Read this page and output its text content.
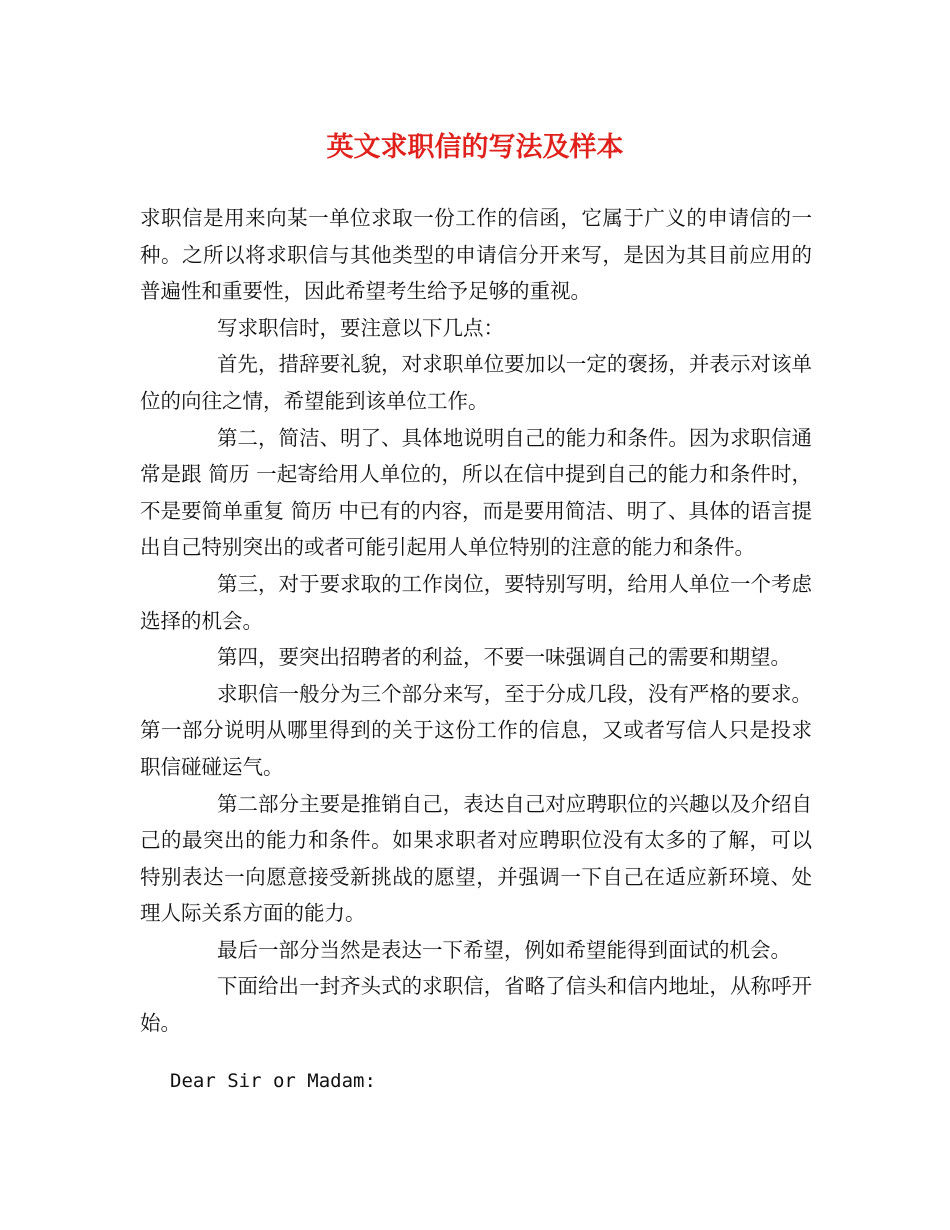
英文求职信的写法及样本

求职信是用来向某一单位求取一份工作的信函，它属于广义的申请信的一种。之所以将求职信与其他类型的申请信分开来写，是因为其目前应用的普遍性和重要性，因此希望考生给予足够的重视。

写求职信时，要注意以下几点：

首先，措辞要礼貌，对求职单位要加以一定的褒扬，并表示对该单位的向往之情，希望能到该单位工作。

第二，简洁、明了、具体地说明自己的能力和条件。因为求职信通常是跟 简历 一起寄给用人单位的，所以在信中提到自己的能力和条件时，不是要简单重复 简历 中已有的内容，而是要用简洁、明了、具体的语言提出自己特别突出的或者可能引起用人单位特别的注意的能力和条件。

第三，对于要求取的工作岗位，要特别写明，给用人单位一个考虑选择的机会。

第四，要突出招聘者的利益，不要一味强调自己的需要和期望。

求职信一般分为三个部分来写，至于分成几段，没有严格的要求。第一部分说明从哪里得到的关于这份工作的信息，又或者写信人只是投求职信碰碰运气。

第二部分主要是推销自己，表达自己对应聘职位的兴趣以及介绍自己的最突出的能力和条件。如果求职者对应聘职位没有太多的了解，可以特别表达一向愿意接受新挑战的愿望，并强调一下自己在适应新环境、处理人际关系方面的能力。

最后一部分当然是表达一下希望，例如希望能得到面试的机会。

下面给出一封齐头式的求职信，省略了信头和信内地址，从称呼开始。

Dear Sir or Madam:
